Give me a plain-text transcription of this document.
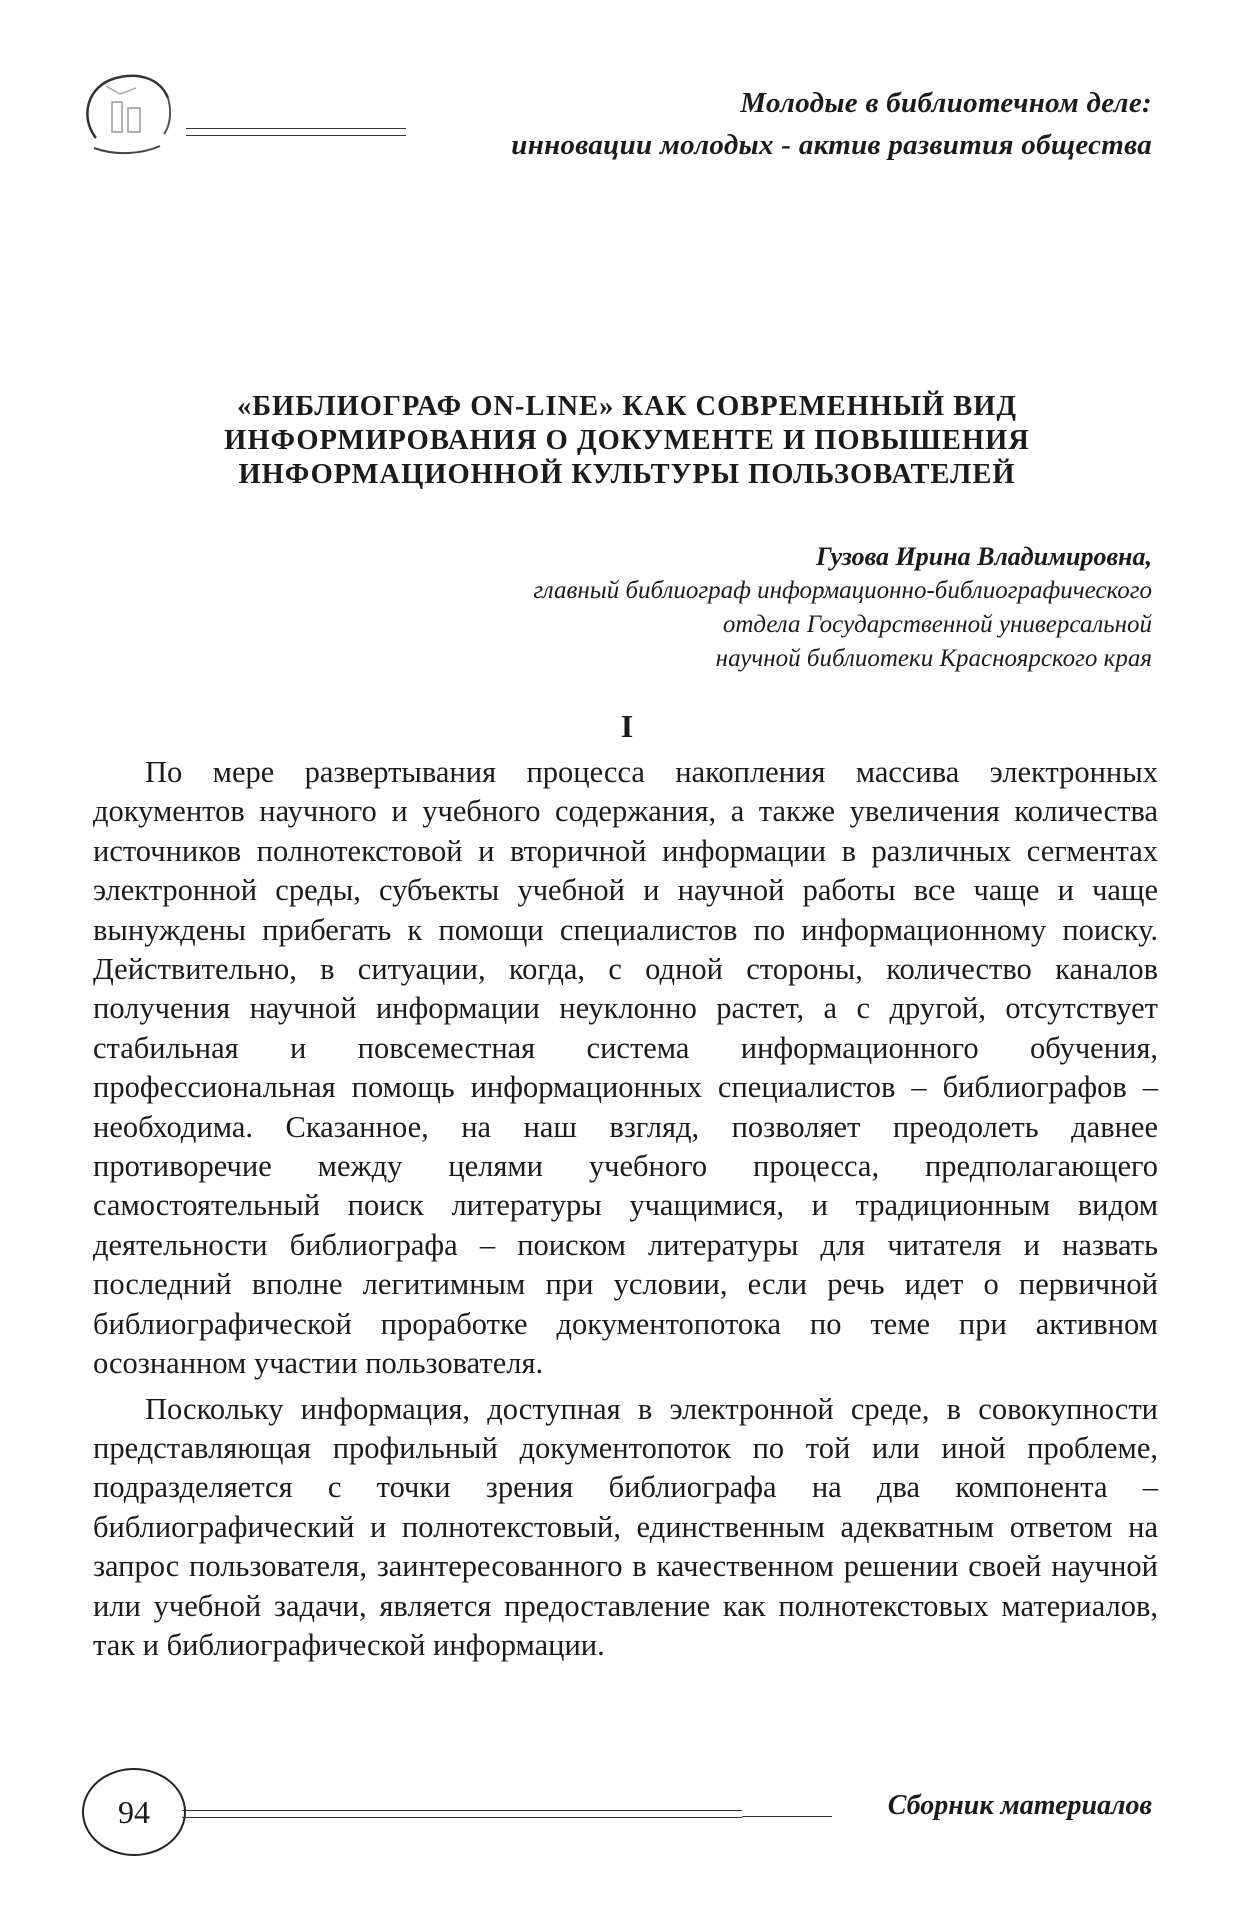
Молодые в библиотечном деле:
инновации молодых - актив развития общества
«БИБЛИОГРАФ ON-LINE» КАК СОВРЕМЕННЫЙ ВИД
ИНФОРМИРОВАНИЯ О ДОКУМЕНТЕ И ПОВЫШЕНИЯ
ИНФОРМАЦИОННОЙ КУЛЬТУРЫ ПОЛЬЗОВАТЕЛЕЙ
Гузова Ирина Владимировна,
главный библиограф информационно-библиографического
отдела Государственной универсальной
научной библиотеки Красноярского края
I

По мере развертывания процесса накопления массива электронных документов научного и учебного содержания, а также увеличения количества источников полнотекстовой и вторичной информации в различных сегментах электронной среды, субъекты учебной и научной работы все чаще и чаще вынуждены прибегать к помощи специалистов по информационному поиску. Действительно, в ситуации, когда, с одной стороны, количество каналов получения научной информации неуклонно растет, а с другой, отсутствует стабильная и повсеместная система информационного обучения, профессиональная помощь информационных специалистов – библиографов – необходима. Сказанное, на наш взгляд, позволяет преодолеть давнее противоречие между целями учебного процесса, предполагающего самостоятельный поиск литературы учащимися, и традиционным видом деятельности библиографа – поиском литературы для читателя и назвать последний вполне легитимным при условии, если речь идет о первичной библиографической проработке документопотока по теме при активном осознанном участии пользователя.

Поскольку информация, доступная в электронной среде, в совокупности представляющая профильный документопоток по той или иной проблеме, подразделяется с точки зрения библиографа на два компонента – библиографический и полнотекстовый, единственным адекватным ответом на запрос пользователя, заинтересованного в качественном решении своей научной или учебной задачи, является предоставление как полнотекстовых материалов, так и библиографической информации.

94	Сборник материалов
